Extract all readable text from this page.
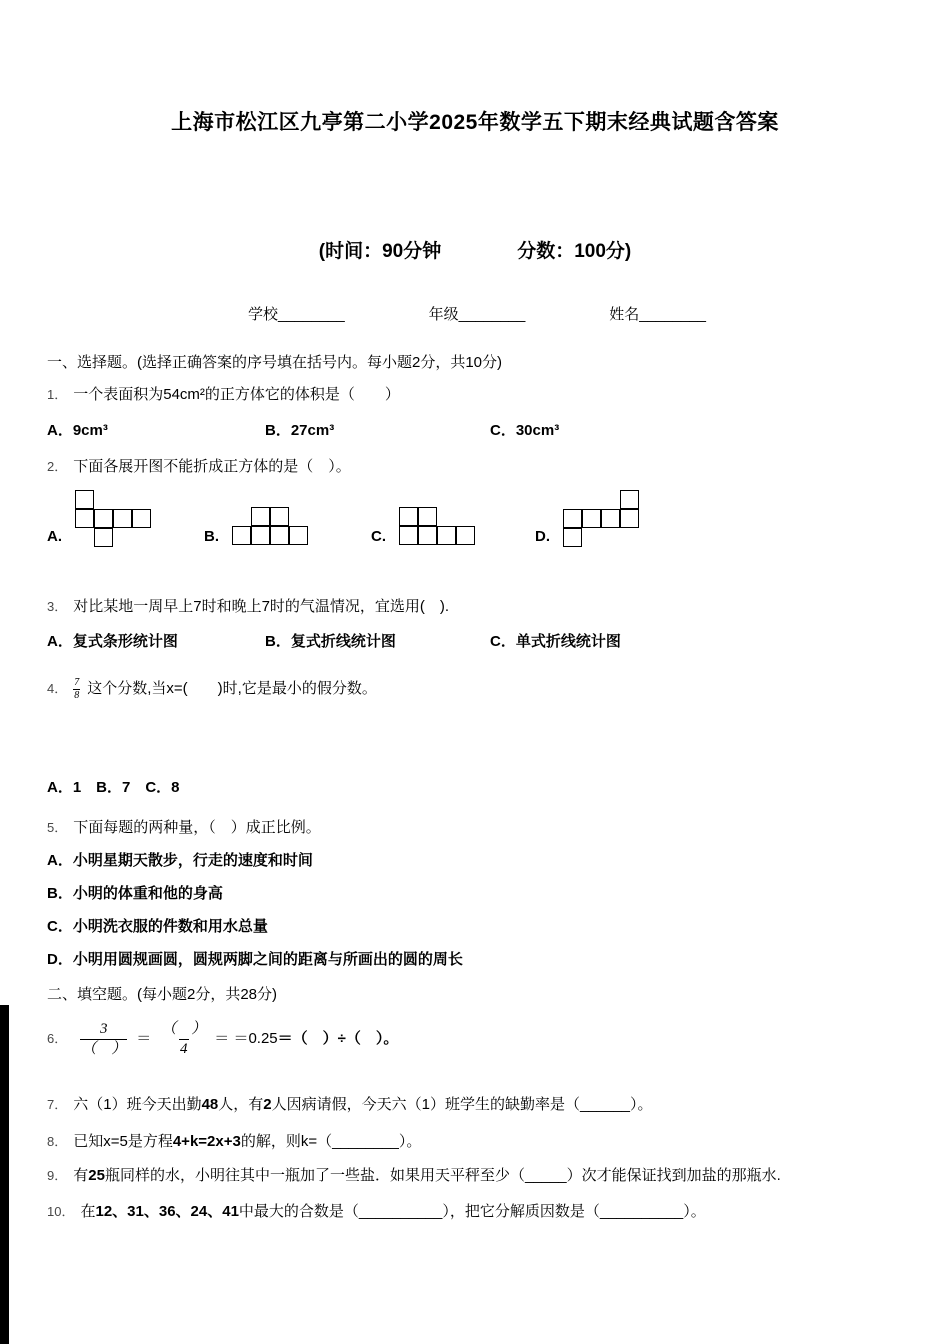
上海市松江区九亭第二小学2025年数学五下期末经典试题含答案
(时间：90分钟　　　　分数：100分)
学校________	年级________	姓名________
一、选择题。(选择正确答案的序号填在括号内。每小题2分，共10分)
1． 一个表面积为54cm²的正方体它的体积是（　　）
A．9cm³	B．27cm³	C．30cm³
2． 下面各展开图不能折成正方体的是（　）。
A.	B.	C.	D.
3． 对比某地一周早上7时和晚上7时的气温情况，宜选用(　).
A．复式条形统计图	B．复式折线统计图	C．单式折线统计图
4． $\frac{7}{8}$ 这个分数,当x=(　　)时,它是最小的假分数。
A．1　B．7　C．8
5． 下面每题的两种量，（　）成正比例。
A．小明星期天散步，行走的速度和时间
B．小明的体重和他的身高
C．小明洗衣服的件数和用水总量
D．小明用圆规画圆，圆规两脚之间的距离与所画出的圆的周长
二、填空题。(每小题2分，共28分)
6． $\frac{3}{( )} = \frac{( )}{4} = =0.25=$（　）÷（　）。
7． 六（1）班今天出勤48人，有2人因病请假，今天六（1）班学生的缺勤率是（______）。
8． 已知x=5是方程4+k=2x+3的解，则k=（________）。
9． 有25瓶同样的水，小明往其中一瓶加了一些盐．如果用天平秤至少（_____）次才能保证找到加盐的那瓶水.
10． 在12、31、36、24、41中最大的合数是（__________），把它分解质因数是（__________）。
